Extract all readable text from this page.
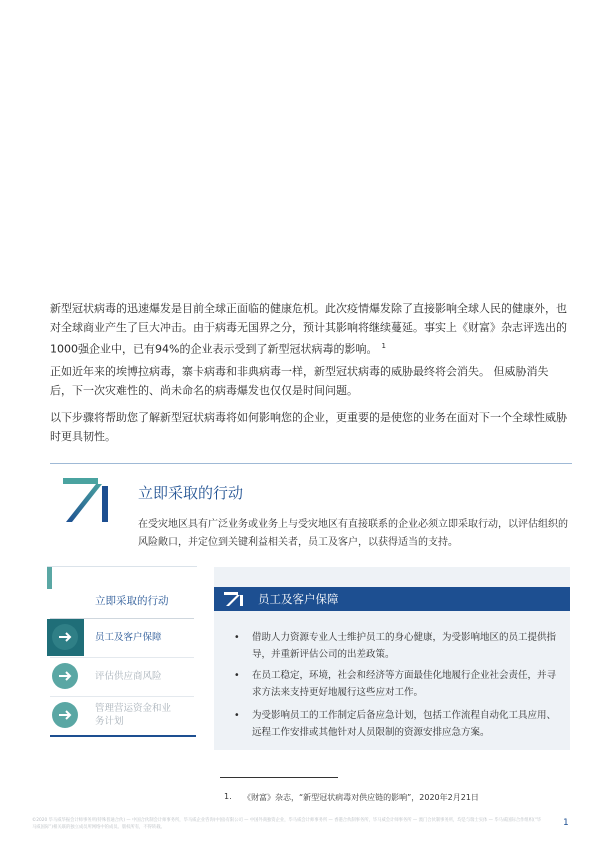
新型冠状病毒的迅速爆发是目前全球正面临的健康危机。此次疫情爆发除了直接影响全球人民的健康外，也对全球商业产生了巨大冲击。由于病毒无国界之分，预计其影响将继续蔓延。事实上《财富》杂志评选出的1000强企业中，已有94%的企业表示受到了新型冠状病毒的影响。 $^1$

正如近年来的埃博拉病毒，寨卡病毒和非典病毒一样，新型冠状病毒的威胁最终将会消失。 但威胁消失后，下一次灾难性的、尚未命名的病毒爆发也仅仅是时间问题。

以下步骤将帮助您了解新型冠状病毒将如何影响您的企业，更重要的是使您的业务在面对下一个全球性威胁时更具韧性。

立即采取的行动
在受灾地区具有广泛业务或业务上与受灾地区有直接联系的企业必须立即采取行动，以评估组织的风险敞口，并定位到关键利益相关者，员工及客户，以获得适当的支持。
立即采取的行动
员工及客户保障
评估供应商风险
管理营运资金和业务计划
员工及客户保障
• 借助人力资源专业人士维护员工的身心健康，为受影响地区的员工提供指导，并重新评估公司的出差政策。
• 在员工稳定，环境，社会和经济等方面最佳化地履行企业社会责任，并寻求方法来支持更好地履行这些应对工作。
• 为受影响员工的工作制定后备应急计划，包括工作流程自动化工具应用、远程工作安排或其他针对人员限制的资源安排应急方案。
1. 《财富》杂志，“新型冠状病毒对供应链的影响”，2020年2月21日
©2020 毕马威华振会计师事务所(特殊普通合伙) — 中国合伙制会计师事务所，毕马威企业咨询(中国)有限公司 — 中国外商独资企业，毕马威会计师事务所 — 香港合伙制事务所，毕马威会计师事务所 — 澳门合伙制事务所，均是与瑞士实体 — 毕马威国际合作组织(“毕马威国际”)相关联的独立成员所网络中的成员。版权所有，不得转载。	1
